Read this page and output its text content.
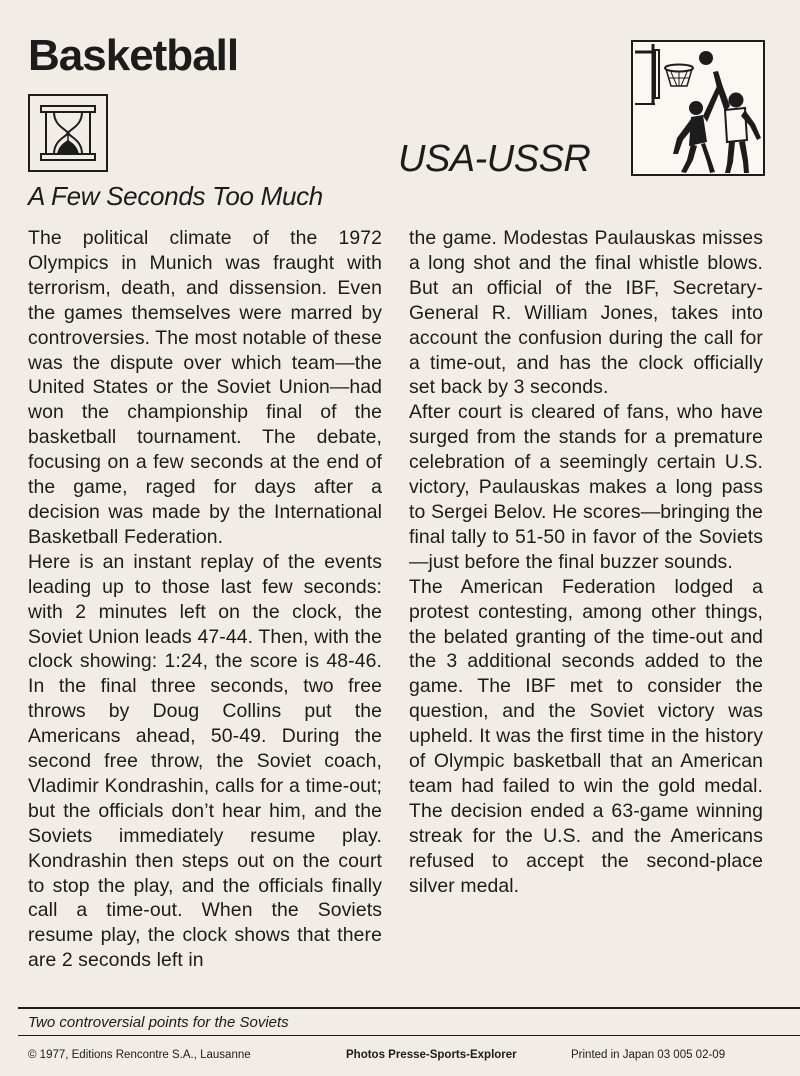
Basketball
USA-USSR
A Few Seconds Too Much

The political climate of the 1972 Olympics in Munich was fraught with terrorism, death, and dissension. Even the games themselves were marred by controversies. The most notable of these was the dispute over which team—the United States or the Soviet Union—had won the championship final of the basketball tournament. The debate, focusing on a few seconds at the end of the game, raged for days after a decision was made by the International Basketball Federation.

Here is an instant replay of the events leading up to those last few seconds: with 2 minutes left on the clock, the Soviet Union leads 47-44. Then, with the clock showing: 1:24, the score is 48-46. In the final three seconds, two free throws by Doug Collins put the Americans ahead, 50-49. During the second free throw, the Soviet coach, Vladimir Kondrashin, calls for a time-out; but the officials don’t hear him, and the Soviets immediately resume play. Kondrashin then steps out on the court to stop the play, and the officials finally call a time-out. When the Soviets resume play, the clock shows that there are 2 seconds left in

the game. Modestas Paulauskas misses a long shot and the final whistle blows. But an official of the IBF, Secretary-General R. William Jones, takes into account the confusion during the call for a time-out, and has the clock officially set back by 3 seconds.

After court is cleared of fans, who have surged from the stands for a premature celebration of a seemingly certain U.S. victory, Paulauskas makes a long pass to Sergei Belov. He scores—bringing the final tally to 51-50 in favor of the Soviets—just before the final buzzer sounds.

The American Federation lodged a protest contesting, among other things, the belated granting of the time-out and the 3 additional seconds added to the game. The IBF met to consider the question, and the Soviet victory was upheld. It was the first time in the history of Olympic basketball that an American team had failed to win the gold medal. The decision ended a 63-game winning streak for the U.S. and the Americans refused to accept the second-place silver medal.

Two controversial points for the Soviets
© 1977, Editions Rencontre S.A., Lausanne	Photos Presse-Sports-Explorer	Printed in Japan 03 005 02-09
